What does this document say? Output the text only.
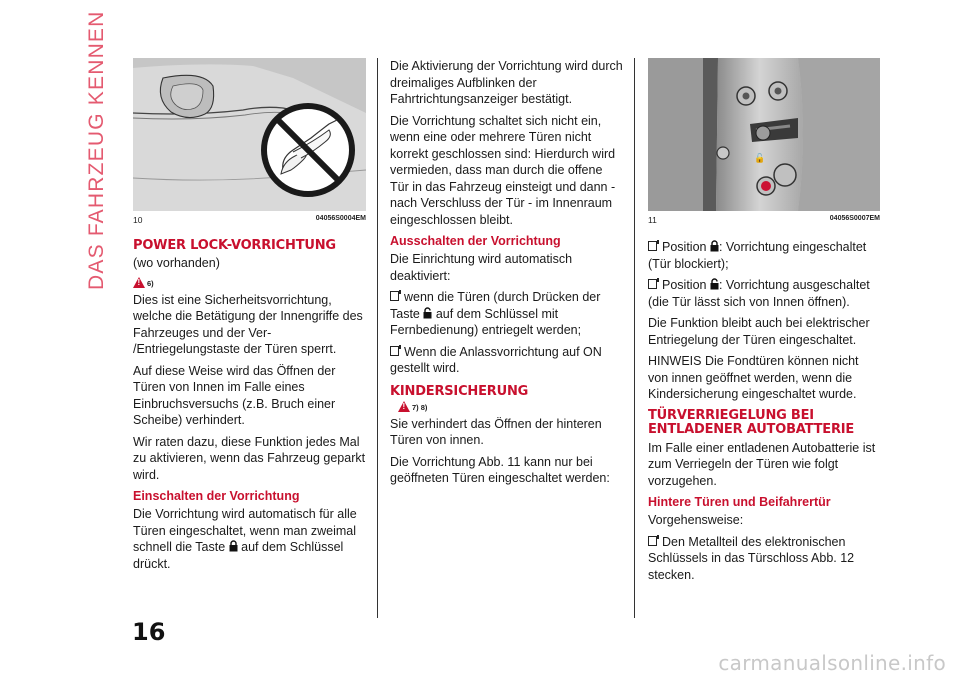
DAS FAHRZEUG KENNEN	10	04056S0004EM
POWER LOCK-VORRICHTUNG

(wo vorhanden)

!
6)

Dies ist eine Sicherheitsvorrichtung, welche die Betätigung der Innengriffe des Fahrzeuges und der Ver- /Entriegelungstaste der Türen sperrt.

Auf diese Weise wird das Öffnen der Türen von Innen im Falle eines Einbruchsversuchs (z.B. Bruch einer Scheibe) verhindert.

Wir raten dazu, diese Funktion jedes Mal zu aktivieren, wenn das Fahrzeug geparkt wird.

Einschalten der Vorrichtung

Die Vorrichtung wird automatisch für alle Türen eingeschaltet, wenn man zweimal schnell die Taste auf dem Schlüssel drückt.

Die Aktivierung der Vorrichtung wird durch dreimaliges Aufblinken der Fahrtrichtungsanzeiger bestätigt.

Die Vorrichtung schaltet sich nicht ein, wenn eine oder mehrere Türen nicht korrekt geschlossen sind: Hierdurch wird vermieden, dass man durch die offene Tür in das Fahrzeug einsteigt und dann - nach Verschluss der Tür - im Innenraum eingeschlossen bleibt.

Ausschalten der Vorrichtung

Die Einrichtung wird automatisch deaktiviert:

wenn die Türen (durch Drücken der Taste auf dem Schlüssel mit Fernbedienung) entriegelt werden;

Wenn die Anlassvorrichtung auf ON gestellt wird.

KINDERSICHERUNG
!
7) 8)

Sie verhindert das Öffnen der hinteren Türen von innen.

Die Vorrichtung Abb. 11 kann nur bei geöffneten Türen eingeschaltet werden:

🔓
11	04056S0007EM

Position : Vorrichtung eingeschaltet (Tür blockiert);

Position : Vorrichtung ausgeschaltet (die Tür lässt sich von Innen öffnen).

Die Funktion bleibt auch bei elektrischer Entriegelung der Türen eingeschaltet.

HINWEIS Die Fondtüren können nicht von innen geöffnet werden, wenn die Kindersicherung eingeschaltet wurde.

TÜRVERRIEGELUNG BEI ENTLADENER AUTOBATTERIE

Im Falle einer entladenen Autobatterie ist zum Verriegeln der Türen wie folgt vorzugehen.

Hintere Türen und Beifahrertür

Vorgehensweise:

Den Metallteil des elektronischen Schlüssels in das Türschloss Abb. 12 stecken.

16
carmanualsonline.info
